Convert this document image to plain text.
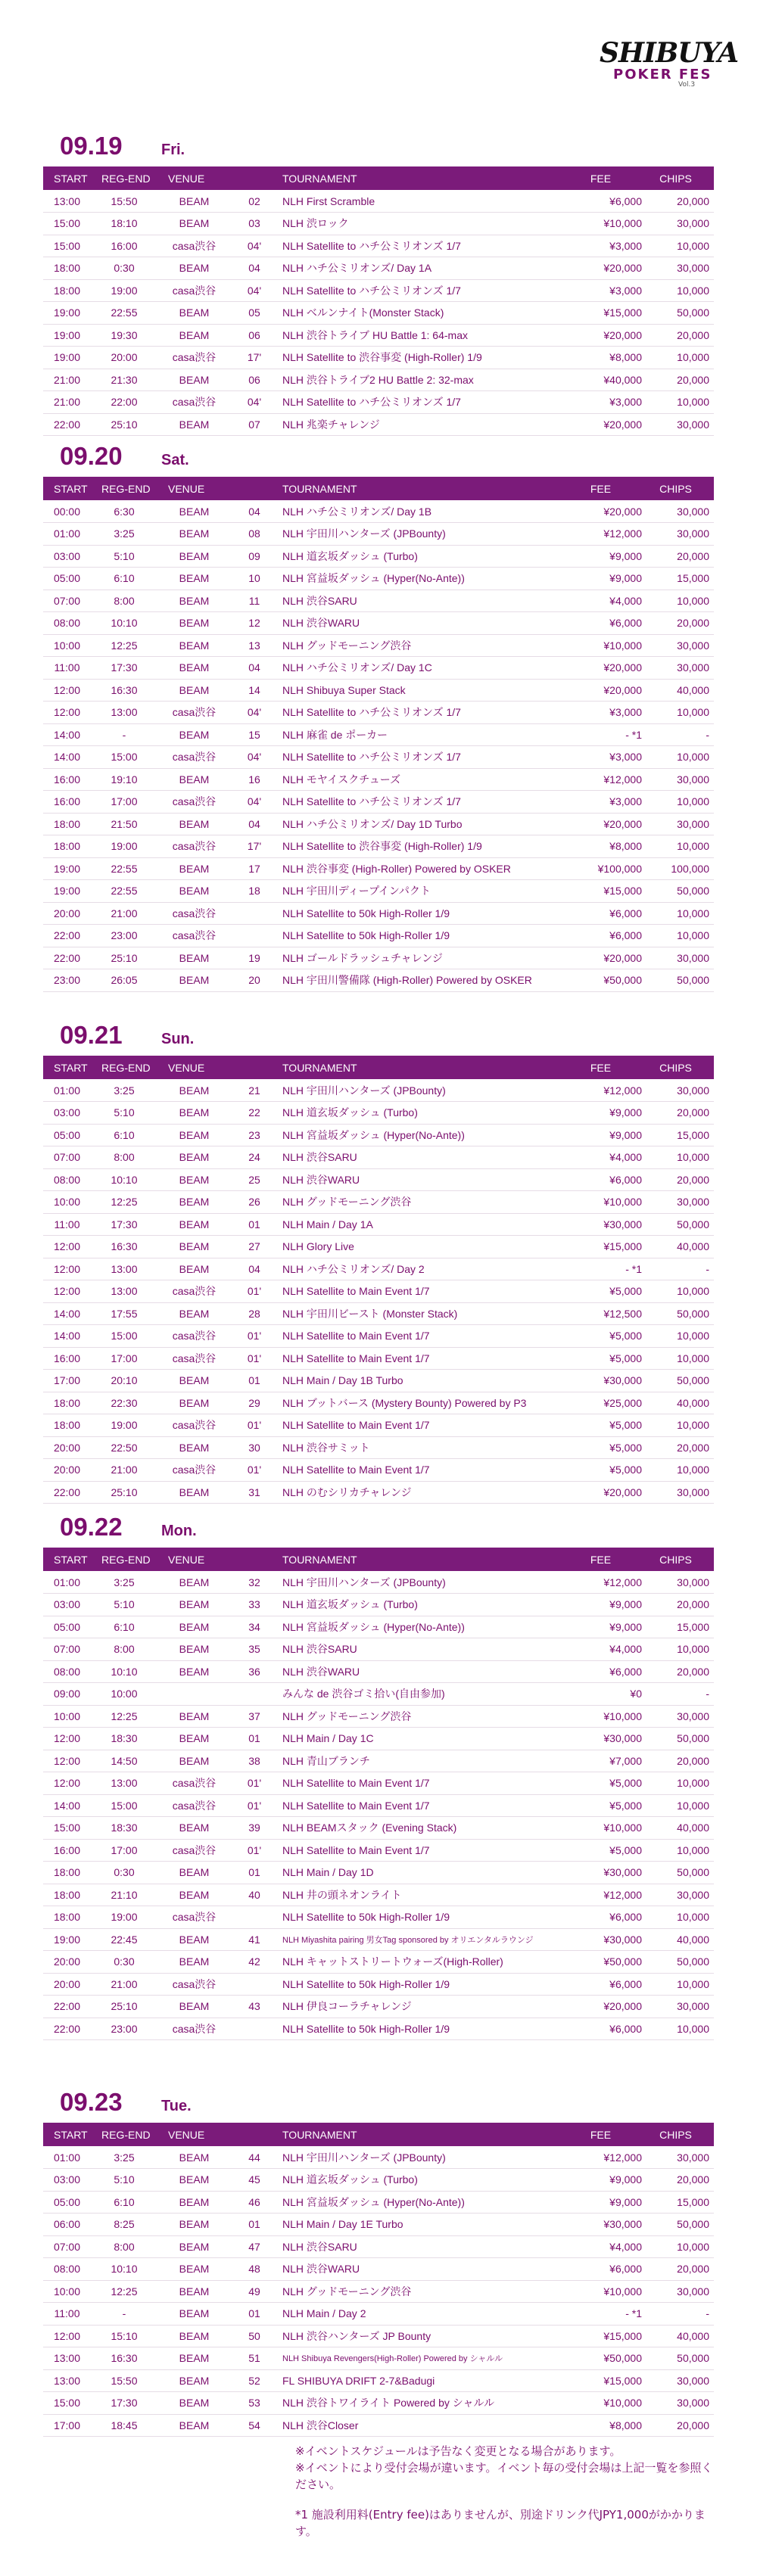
SHIBUYA
POKER FES
Vol.3
09.19	Fri.
START	REG-END	VENUE		TOURNAMENT	FEE	CHIPS
13:00	15:50	BEAM	02	NLH First Scramble	¥6,000	20,000
15:00	18:10	BEAM	03	NLH 渋ロック	¥10,000	30,000
15:00	16:00	casa渋谷	04'	NLH Satellite to ハチ公ミリオンズ 1/7	¥3,000	10,000
18:00	0:30	BEAM	04	NLH ハチ公ミリオンズ/ Day 1A	¥20,000	30,000
18:00	19:00	casa渋谷	04'	NLH Satellite to ハチ公ミリオンズ 1/7	¥3,000	10,000
19:00	22:55	BEAM	05	NLH ベルンナイト(Monster Stack)	¥15,000	50,000
19:00	19:30	BEAM	06	NLH 渋谷トライブ HU Battle 1: 64-max	¥20,000	20,000
19:00	20:00	casa渋谷	17'	NLH Satellite to 渋谷事変 (High-Roller) 1/9	¥8,000	10,000
21:00	21:30	BEAM	06	NLH 渋谷トライブ2 HU Battle 2: 32-max	¥40,000	20,000
21:00	22:00	casa渋谷	04'	NLH Satellite to ハチ公ミリオンズ 1/7	¥3,000	10,000
22:00	25:10	BEAM	07	NLH 兆楽チャレンジ	¥20,000	30,000
09.20	Sat.
START	REG-END	VENUE		TOURNAMENT	FEE	CHIPS
00:00	6:30	BEAM	04	NLH ハチ公ミリオンズ/ Day 1B	¥20,000	30,000
01:00	3:25	BEAM	08	NLH 宇田川ハンターズ (JPBounty)	¥12,000	30,000
03:00	5:10	BEAM	09	NLH 道玄坂ダッシュ (Turbo)	¥9,000	20,000
05:00	6:10	BEAM	10	NLH 宮益坂ダッシュ (Hyper(No-Ante))	¥9,000	15,000
07:00	8:00	BEAM	11	NLH 渋谷SARU	¥4,000	10,000
08:00	10:10	BEAM	12	NLH 渋谷WARU	¥6,000	20,000
10:00	12:25	BEAM	13	NLH グッドモーニング渋谷	¥10,000	30,000
11:00	17:30	BEAM	04	NLH ハチ公ミリオンズ/ Day 1C	¥20,000	30,000
12:00	16:30	BEAM	14	NLH Shibuya Super Stack	¥20,000	40,000
12:00	13:00	casa渋谷	04'	NLH Satellite to ハチ公ミリオンズ 1/7	¥3,000	10,000
14:00	-	BEAM	15	NLH 麻雀 de ポーカー	- *1	-
14:00	15:00	casa渋谷	04'	NLH Satellite to ハチ公ミリオンズ 1/7	¥3,000	10,000
16:00	19:10	BEAM	16	NLH モヤイスクチューズ	¥12,000	30,000
16:00	17:00	casa渋谷	04'	NLH Satellite to ハチ公ミリオンズ 1/7	¥3,000	10,000
18:00	21:50	BEAM	04	NLH ハチ公ミリオンズ/ Day 1D Turbo	¥20,000	30,000
18:00	19:00	casa渋谷	17'	NLH Satellite to 渋谷事変 (High-Roller) 1/9	¥8,000	10,000
19:00	22:55	BEAM	17	NLH 渋谷事変 (High-Roller) Powered by OSKER	¥100,000	100,000
19:00	22:55	BEAM	18	NLH 宇田川ディープインパクト	¥15,000	50,000
20:00	21:00	casa渋谷		NLH Satellite to 50k High-Roller 1/9	¥6,000	10,000
22:00	23:00	casa渋谷		NLH Satellite to 50k High-Roller 1/9	¥6,000	10,000
22:00	25:10	BEAM	19	NLH ゴールドラッシュチャレンジ	¥20,000	30,000
23:00	26:05	BEAM	20	NLH 宇田川警備隊 (High-Roller) Powered by OSKER	¥50,000	50,000
09.21	Sun.
START	REG-END	VENUE		TOURNAMENT	FEE	CHIPS
01:00	3:25	BEAM	21	NLH 宇田川ハンターズ (JPBounty)	¥12,000	30,000
03:00	5:10	BEAM	22	NLH 道玄坂ダッシュ (Turbo)	¥9,000	20,000
05:00	6:10	BEAM	23	NLH 宮益坂ダッシュ (Hyper(No-Ante))	¥9,000	15,000
07:00	8:00	BEAM	24	NLH 渋谷SARU	¥4,000	10,000
08:00	10:10	BEAM	25	NLH 渋谷WARU	¥6,000	20,000
10:00	12:25	BEAM	26	NLH グッドモーニング渋谷	¥10,000	30,000
11:00	17:30	BEAM	01	NLH Main / Day 1A	¥30,000	50,000
12:00	16:30	BEAM	27	NLH Glory Live	¥15,000	40,000
12:00	13:00	BEAM	04	NLH ハチ公ミリオンズ/ Day 2	- *1	-
12:00	13:00	casa渋谷	01'	NLH Satellite to Main Event 1/7	¥5,000	10,000
14:00	17:55	BEAM	28	NLH 宇田川ビースト (Monster Stack)	¥12,500	50,000
14:00	15:00	casa渋谷	01'	NLH Satellite to Main Event 1/7	¥5,000	10,000
16:00	17:00	casa渋谷	01'	NLH Satellite to Main Event 1/7	¥5,000	10,000
17:00	20:10	BEAM	01	NLH Main / Day 1B Turbo	¥30,000	50,000
18:00	22:30	BEAM	29	NLH ブットバース (Mystery Bounty) Powered by P3	¥25,000	40,000
18:00	19:00	casa渋谷	01'	NLH Satellite to Main Event 1/7	¥5,000	10,000
20:00	22:50	BEAM	30	NLH 渋谷サミット	¥5,000	20,000
20:00	21:00	casa渋谷	01'	NLH Satellite to Main Event 1/7	¥5,000	10,000
22:00	25:10	BEAM	31	NLH のむシリカチャレンジ	¥20,000	30,000
09.22	Mon.
START	REG-END	VENUE		TOURNAMENT	FEE	CHIPS
01:00	3:25	BEAM	32	NLH 宇田川ハンターズ (JPBounty)	¥12,000	30,000
03:00	5:10	BEAM	33	NLH 道玄坂ダッシュ (Turbo)	¥9,000	20,000
05:00	6:10	BEAM	34	NLH 宮益坂ダッシュ (Hyper(No-Ante))	¥9,000	15,000
07:00	8:00	BEAM	35	NLH 渋谷SARU	¥4,000	10,000
08:00	10:10	BEAM	36	NLH 渋谷WARU	¥6,000	20,000
09:00	10:00			みんな de 渋谷ゴミ拾い(自由参加)	¥0	-
10:00	12:25	BEAM	37	NLH グッドモーニング渋谷	¥10,000	30,000
12:00	18:30	BEAM	01	NLH Main / Day 1C	¥30,000	50,000
12:00	14:50	BEAM	38	NLH 青山ブランチ	¥7,000	20,000
12:00	13:00	casa渋谷	01'	NLH Satellite to Main Event 1/7	¥5,000	10,000
14:00	15:00	casa渋谷	01'	NLH Satellite to Main Event 1/7	¥5,000	10,000
15:00	18:30	BEAM	39	NLH BEAMスタック (Evening Stack)	¥10,000	40,000
16:00	17:00	casa渋谷	01'	NLH Satellite to Main Event 1/7	¥5,000	10,000
18:00	0:30	BEAM	01	NLH Main / Day 1D	¥30,000	50,000
18:00	21:10	BEAM	40	NLH 井の頭ネオンライト	¥12,000	30,000
18:00	19:00	casa渋谷		NLH Satellite to 50k High-Roller 1/9	¥6,000	10,000
19:00	22:45	BEAM	41	NLH Miyashita pairing 男女Tag sponsored by オリエンタルラウンジ	¥30,000	40,000
20:00	0:30	BEAM	42	NLH キャットストリートウォーズ(High-Roller)	¥50,000	50,000
20:00	21:00	casa渋谷		NLH Satellite to 50k High-Roller 1/9	¥6,000	10,000
22:00	25:10	BEAM	43	NLH 伊良コーラチャレンジ	¥20,000	30,000
22:00	23:00	casa渋谷		NLH Satellite to 50k High-Roller 1/9	¥6,000	10,000
09.23	Tue.
START	REG-END	VENUE		TOURNAMENT	FEE	CHIPS
01:00	3:25	BEAM	44	NLH 宇田川ハンターズ (JPBounty)	¥12,000	30,000
03:00	5:10	BEAM	45	NLH 道玄坂ダッシュ (Turbo)	¥9,000	20,000
05:00	6:10	BEAM	46	NLH 宮益坂ダッシュ (Hyper(No-Ante))	¥9,000	15,000
06:00	8:25	BEAM	01	NLH Main / Day 1E Turbo	¥30,000	50,000
07:00	8:00	BEAM	47	NLH 渋谷SARU	¥4,000	10,000
08:00	10:10	BEAM	48	NLH 渋谷WARU	¥6,000	20,000
10:00	12:25	BEAM	49	NLH グッドモーニング渋谷	¥10,000	30,000
11:00	-	BEAM	01	NLH Main / Day 2	- *1	-
12:00	15:10	BEAM	50	NLH 渋谷ハンターズ JP Bounty	¥15,000	40,000
13:00	16:30	BEAM	51	NLH Shibuya Revengers(High-Roller) Powered by シャルル	¥50,000	50,000
13:00	15:50	BEAM	52	FL SHIBUYA DRIFT 2-7&Badugi	¥15,000	30,000
15:00	17:30	BEAM	53	NLH 渋谷トワイライト Powered by シャルル	¥10,000	30,000
17:00	18:45	BEAM	54	NLH 渋谷Closer	¥8,000	20,000

※イベントスケジュールは予告なく変更となる場合があります。

※イベントにより受付会場が違います。イベント毎の受付会場は上記一覧を参照ください。

*1 施設利用料(Entry fee)はありませんが、別途ドリンク代JPY1,000がかかります。
